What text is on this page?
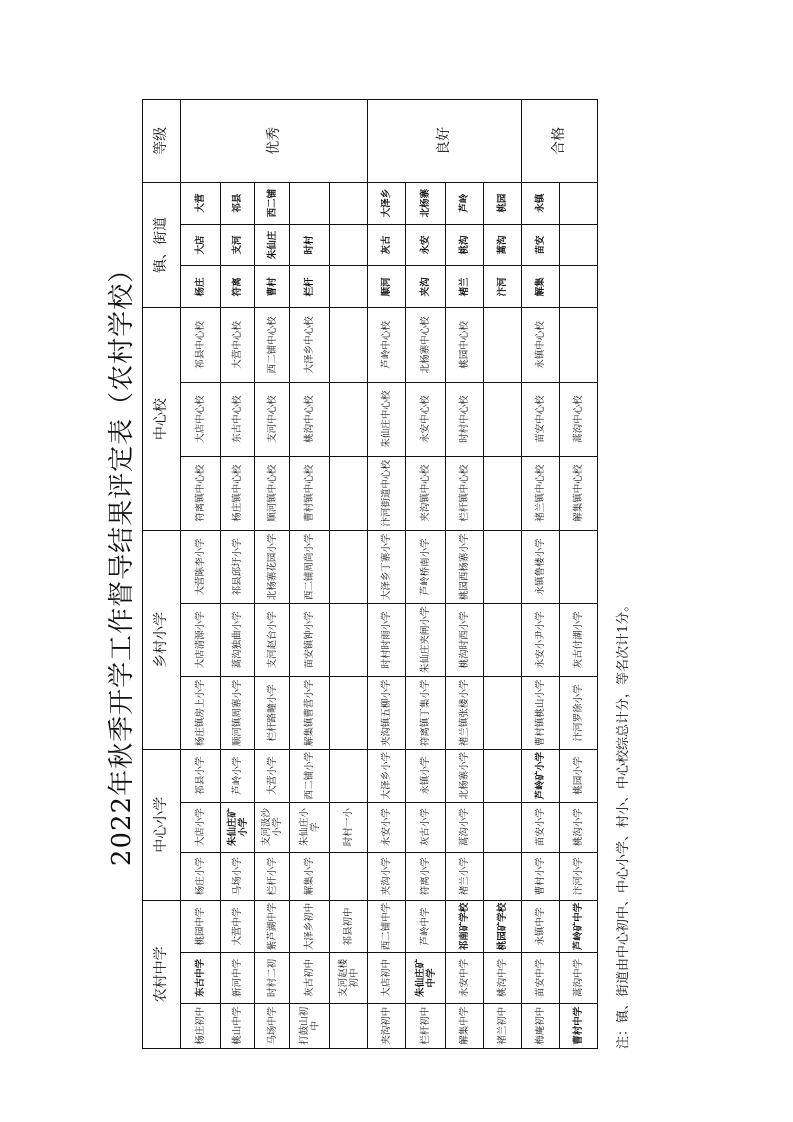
2022年秋季开学工作督导结果评定表（农村学校）
农村中学			中心小学			乡村小学			中心校			镇、街道			等级
杨庄初中	东古中学	桃园中学	杨庄小学	大店小学	祁县小学	杨庄镇房上小学	大店清源小学	大营陈李小学	符离镇中心校	大店中心校	祁县中心校	杨庄	大店	大营	优秀
桃山中学	新河中学	大营中学	马场小学	朱仙庄矿小学	芦岭小学	顺河镇周寨小学	蒿沟独曲小学	祁县邱圩小学	杨庄镇中心校	东古中心校	大营中心校	符离	支河	祁县	
马场中学	时村二初	紫芦湖中学	栏杆小学	支河汲沙小学	大营小学	栏杆路疃小学	支河赵台小学	北杨寨花园小学	顺河镇中心校	支河中心校	西二铺中心校	曹村	朱仙庄	西二铺	
打鼓山初中	灰古初中	大泽乡初中	解集小学	朱仙庄小学	西二铺小学	解集镇曹营小学	苗安镇钟小学	西二铺周尚小学	曹村镇中心校	桃沟中心校	大泽乡中心校	栏杆	时村		
	支河赵楼初中	祁县初中		时村一小											
夹沟初中	大店初中	西二铺中学	夹沟小学	永安小学	大泽乡小学	夹沟镇五柳小学	时村时雨小学	大泽乡丁寨小学	汴河街道中心校	朱仙庄中心校	芦岭中心校	顺河	灰古	大泽乡	良好
栏杆初中	朱仙庄矿中学	芦岭中学	符离小学	灰古小学	永镇小学	符离镇丁集小学	朱仙庄夹闸小学	芦岭桥南小学	夹沟镇中心校	永安中心校	北杨寨中心校	夹沟	永安	北杨寨	
解集中学	永安中学	祁南矿学校	褚兰小学	蒿沟小学	北杨寨小学	褚兰镇张楼小学	桃沟时西小学	桃园西杨寨小学	栏杆镇中心校	时村中心校	桃园中心校	褚兰	桃沟	芦岭	
褚兰初中	桃沟中学	桃园矿学校										汴河	蒿沟	桃园	
梅庵初中	苗安中学	永镇中学	曹村小学	苗安小学	芦岭矿小学	曹村镇桃山小学	永安小尹小学	永镇鲁楼小学	褚兰镇中心校	苗安中心校	永镇中心校	解集	苗安	永镇	合格
曹村中学	蒿沟中学	芦岭矿中学	汴河小学	桃沟小学	桃园小学	汴河罗徐小学	灰古付湖小学		解集镇中心校	蒿沟中心校					

注：镇、街道由中心初中、中心小学、村小、中心校综总计分，等名次计1分。
